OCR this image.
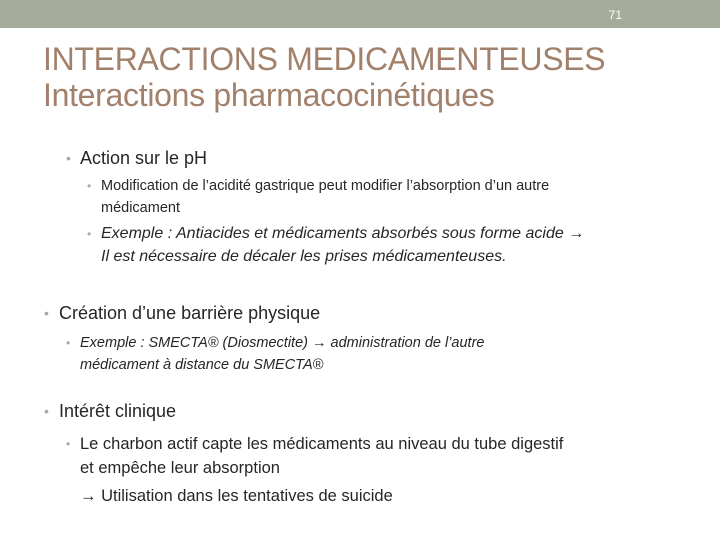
71
INTERACTIONS MEDICAMENTEUSES
Interactions pharmacocinétiques
• Action sur le pH
• Modification de l’acidité gastrique peut modifier l’absorption d’un autre
médicament
• Exemple : Antiacides et médicaments absorbés sous forme acide →
Il est nécessaire de décaler les prises médicamenteuses.
• Création d’une barrière physique
• Exemple : SMECTA® (Diosmectite) → administration de l’autre
médicament à distance du SMECTA®
• Intérêt clinique
• Le charbon actif capte les médicaments au niveau du tube digestif
et empêche leur absorption
→ Utilisation dans les tentatives de suicide
